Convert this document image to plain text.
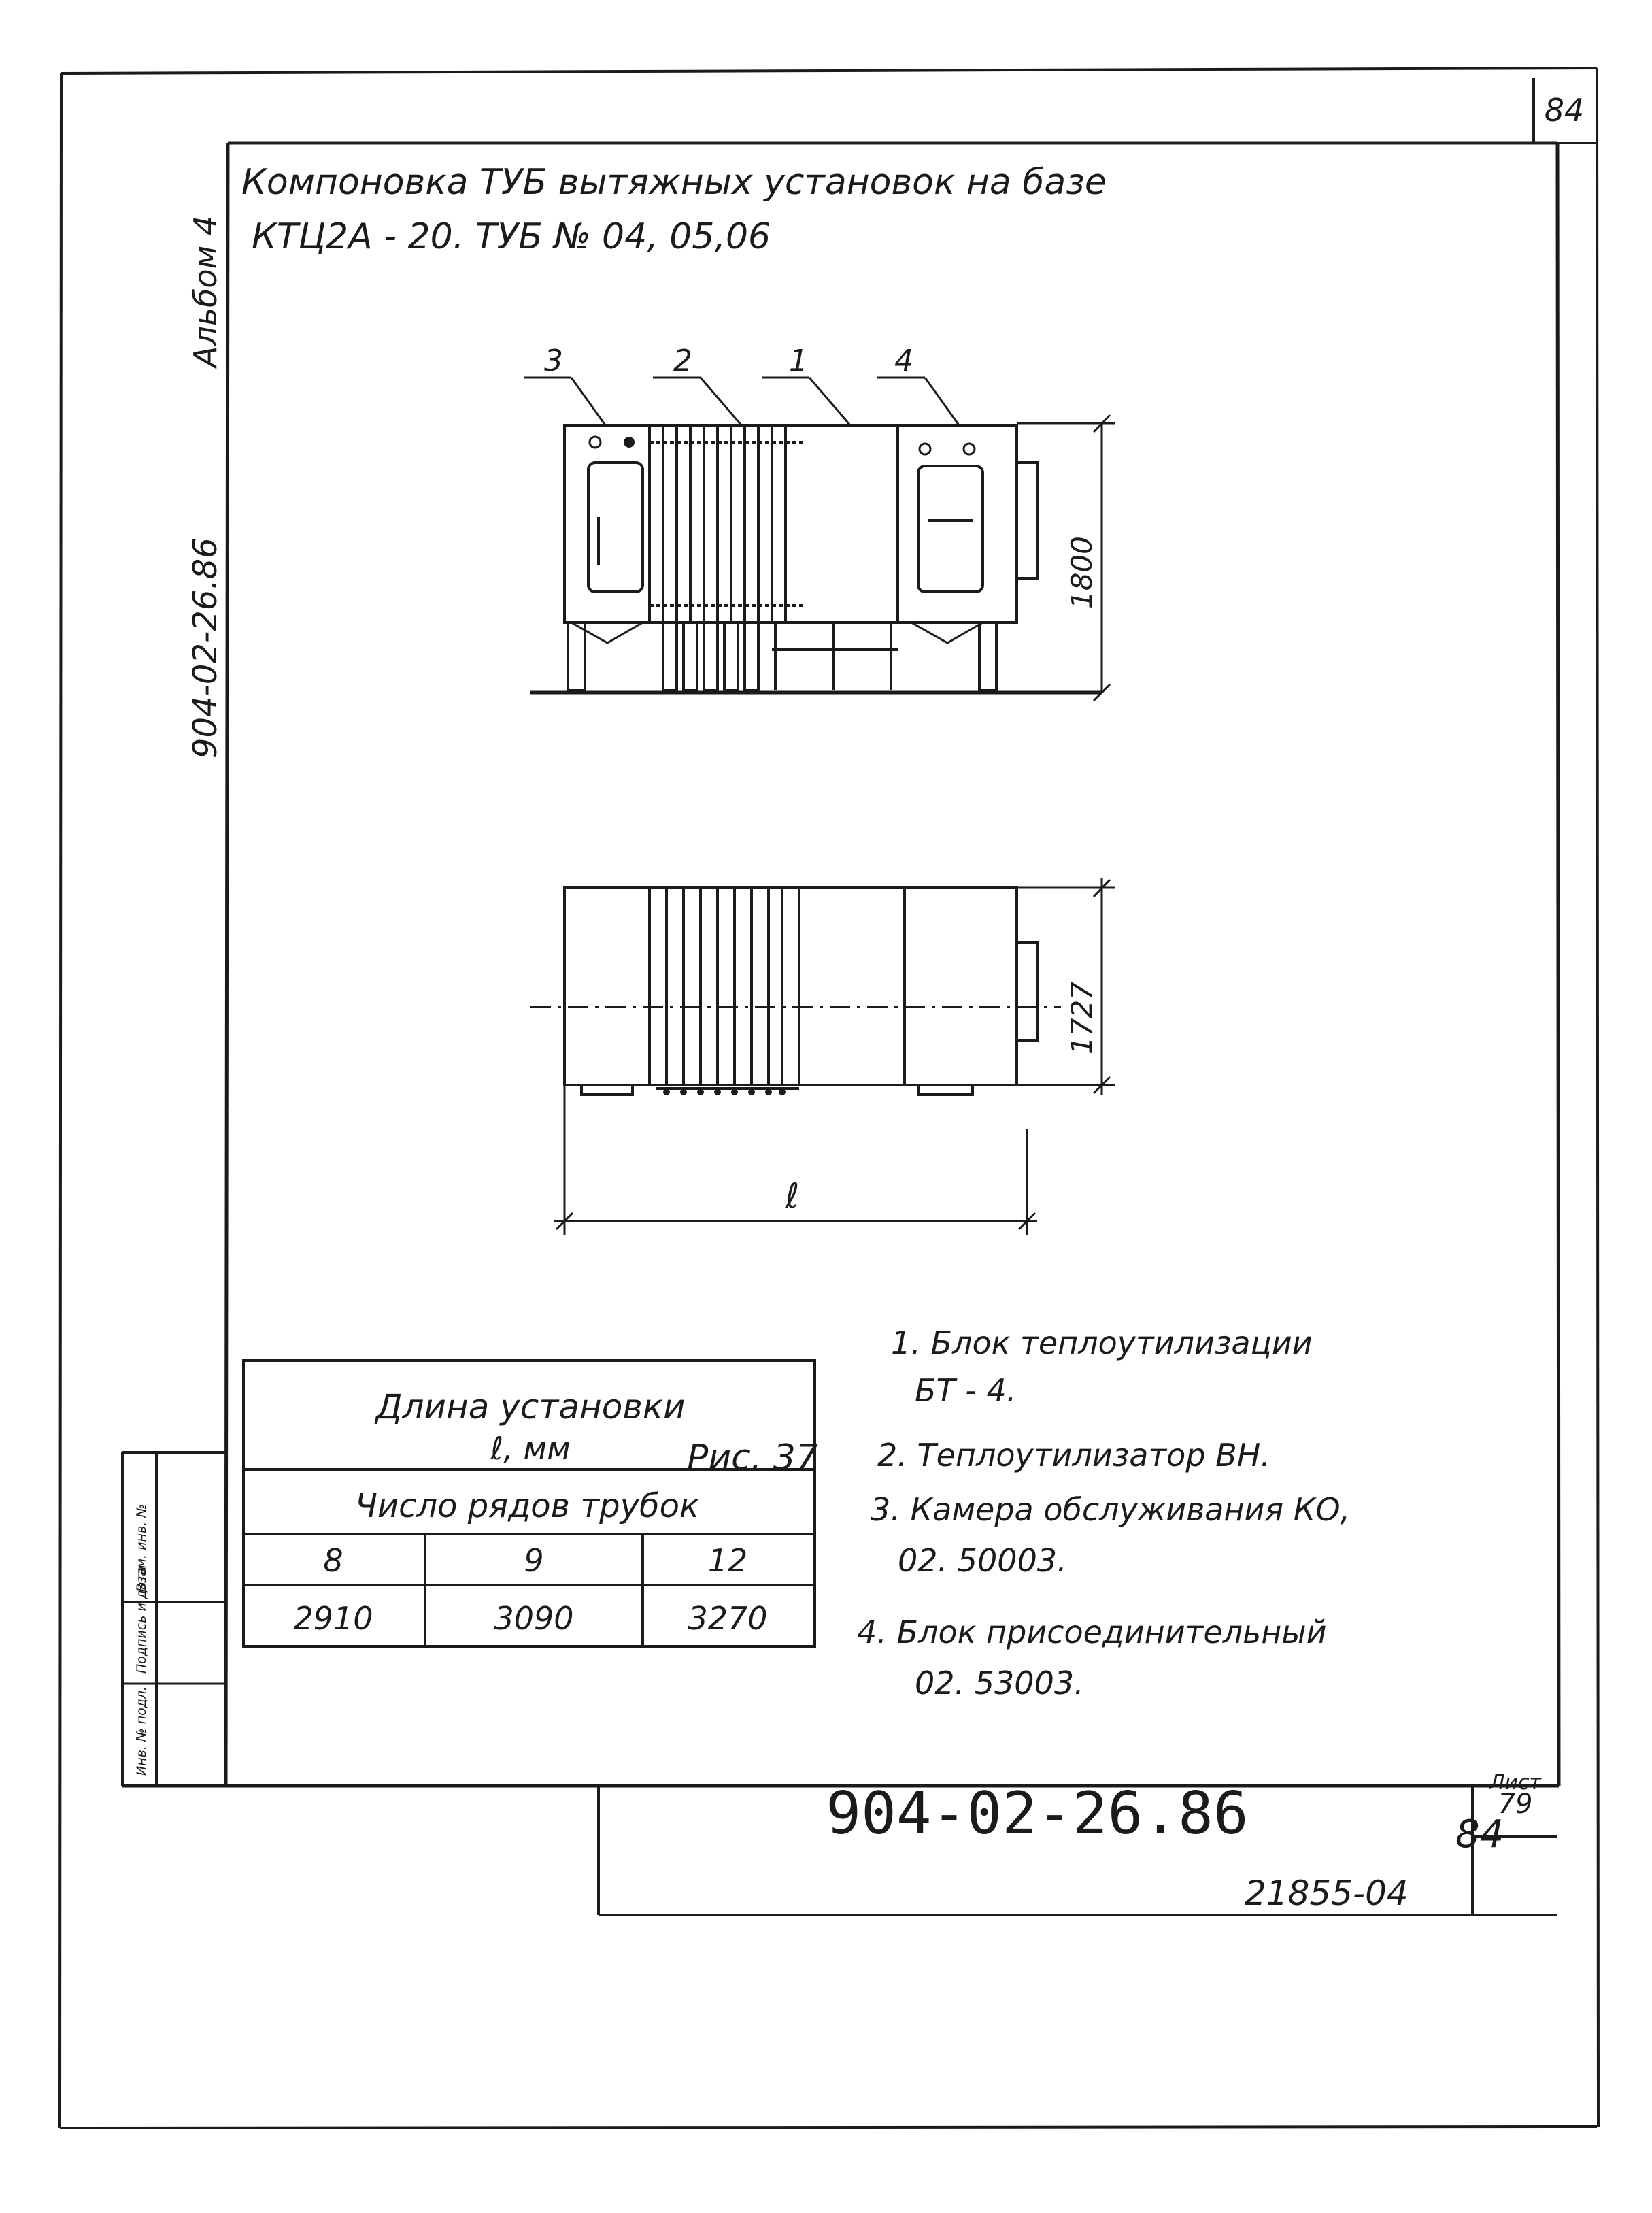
84
Взам. инв. №
Подпись и дата
Инв. № подл.
904-02-26.86
Альбом 4
Компоновка ТУБ вытяжных установок на базе
КТЦ2А - 20. ТУБ № 04, 05,06
3	2	1	4
1800
1727
ℓ
Длина установки
ℓ, мм
Число рядов трубок
8	9	12
2910	3090	3270
1. Блок теплоутилизации
БТ - 4.
2. Теплоутилизатор ВН.
3. Камера обслуживания КО,
02. 50003.
4. Блок присоединительный
02. 53003.
Рис. 37
84
21855-04
904-02-26.86	Лист
79
